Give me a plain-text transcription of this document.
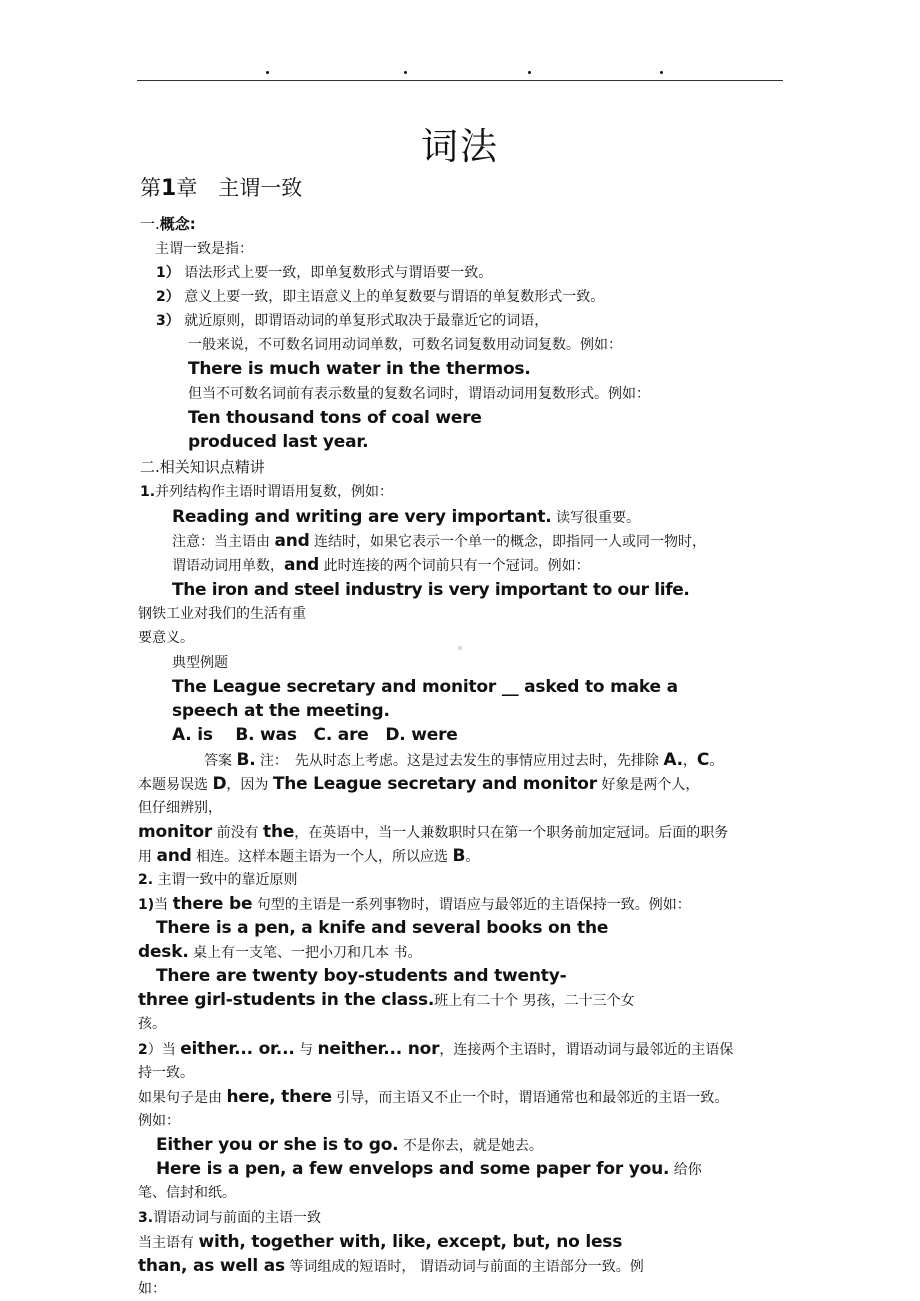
词法
第1章　主谓一致
一.概念:
主谓一致是指：
1） 语法形式上要一致，即单复数形式与谓语要一致。
2） 意义上要一致，即主语意义上的单复数要与谓语的单复数形式一致。
3） 就近原则，即谓语动词的单复形式取决于最靠近它的词语，
一般来说，不可数名词用动词单数，可数名词复数用动词复数。例如：
There is much water in the thermos.
但当不可数名词前有表示数量的复数名词时，谓语动词用复数形式。例如：
Ten thousand tons of coal were
produced last year.
二.相关知识点精讲
1.并列结构作主语时谓语用复数，例如：
Reading and writing are very important. 读写很重要。
注意：当主语由 and 连结时，如果它表示一个单一的概念，即指同一人或同一物时，
谓语动词用单数，and 此时连接的两个词前只有一个冠词。例如：
The iron and steel industry is very important to our life.
钢铁工业对我们的生活有重
要意义。
典型例题
The League secretary and monitor __ asked to make a
speech at the meeting.
A. is　 B. was　C. are　D. were
答案 B. 注：　先从时态上考虑。这是过去发生的事情应用过去时，先排除 A.，C。
本题易误选 D，因为 The League secretary and monitor 好象是两个人，
但仔细辨别，
monitor 前没有 the，在英语中，当一人兼数职时只在第一个职务前加定冠词。后面的职务
用 and 相连。这样本题主语为一个人，所以应选 B。
2. 主谓一致中的靠近原则
1)当 there be 句型的主语是一系列事物时，谓语应与最邻近的主语保持一致。例如：
There is a pen, a knife and several books on the
desk. 桌上有一支笔、一把小刀和几本 书。
There are twenty boy-students and twenty-
three girl-students in the class.班上有二十个 男孩，二十三个女
孩。
2）当 either... or... 与 neither... nor，连接两个主语时，谓语动词与最邻近的主语保
持一致。
如果句子是由 here, there 引导，而主语又不止一个时，谓语通常也和最邻近的主语一致。
例如：
Either you or she is to go. 不是你去，就是她去。
Here is a pen, a few envelops and some paper for you. 给你
笔、信封和纸。
3.谓语动词与前面的主语一致
当主语有 with, together with, like, except, but, no less
than, as well as 等词组成的短语时， 谓语动词与前面的主语部分一致。例
如：
